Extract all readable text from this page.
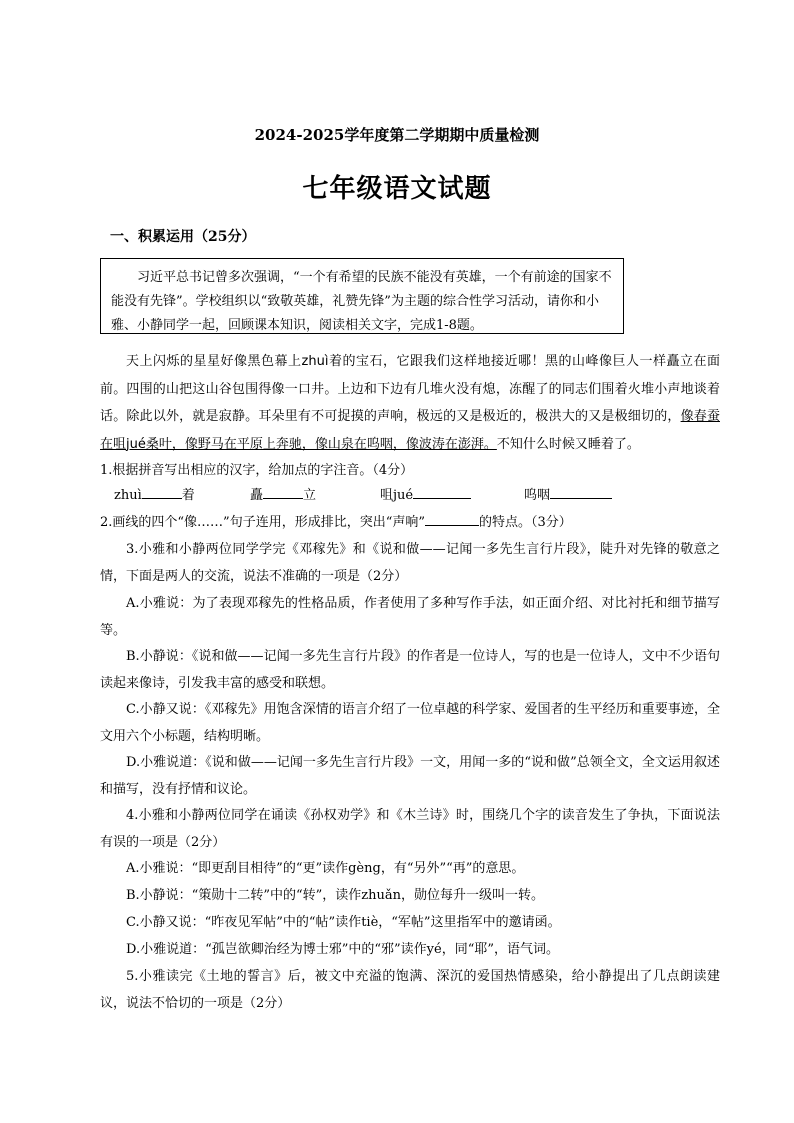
2024-2025学年度第二学期期中质量检测
七年级语文试题
一、积累运用（25分）

习近平总书记曾多次强调，“一个有希望的民族不能没有英雄，一个有前途的国家不能没有先锋”。学校组织以“致敬英雄，礼赞先锋”为主题的综合性学习活动，请你和小雅、小静同学一起，回顾课本知识，阅读相关文字，完成1-8题。

天上闪烁的星星好像黑色幕上zhuì着的宝石，它跟我们这样地接近哪！黑的山峰像巨人一样矗立在面前。四围的山把这山谷包围得像一口井。上边和下边有几堆火没有熄，冻醒了的同志们围着火堆小声地谈着话。除此以外，就是寂静。耳朵里有不可捉摸的声响，极远的又是极近的，极洪大的又是极细切的，像春蚕在咀jué桑叶，像野马在平原上奔驰，像山泉在呜咽，像波涛在澎湃。不知什么时候又睡着了。

1.根据拼音写出相应的汉字，给加点的字注音。（4分）
zhuì	着	矗	立	咀jué	呜咽
2.画线的四个“像……”句子连用，形成排比，突出“声响”	的特点。（3分）
3.小雅和小静两位同学学完《邓稼先》和《说和做——记闻一多先生言行片段》，陡升对先锋的敬意之情，下面是两人的交流，说法不准确的一项是（2分）
A.小雅说：为了表现邓稼先的性格品质，作者使用了多种写作手法，如正面介绍、对比衬托和细节描写等。
B.小静说：《说和做——记闻一多先生言行片段》的作者是一位诗人，写的也是一位诗人，文中不少语句读起来像诗，引发我丰富的感受和联想。
C.小静又说：《邓稼先》用饱含深情的语言介绍了一位卓越的科学家、爱国者的生平经历和重要事迹，全文用六个小标题，结构明晰。
D.小雅说道：《说和做——记闻一多先生言行片段》一文，用闻一多的“说和做”总领全文，全文运用叙述和描写，没有抒情和议论。
4.小雅和小静两位同学在诵读《孙权劝学》和《木兰诗》时，围绕几个字的读音发生了争执，下面说法有误的一项是（2分）
A.小雅说：“即更刮目相待”的“更”读作gèng，有“另外”“再”的意思。
B.小静说：“策勋十二转”中的“转”，读作zhuǎn，勋位每升一级叫一转。
C.小静又说：“昨夜见军帖”中的“帖”读作tiè，“军帖”这里指军中的邀请函。
D.小雅说道：“孤岂欲卿治经为博士邪”中的“邪”读作yé，同“耶”，语气词。
5.小雅读完《土地的誓言》后，被文中充溢的饱满、深沉的爱国热情感染，给小静提出了几点朗读建议，说法不恰切的一项是（2分）
